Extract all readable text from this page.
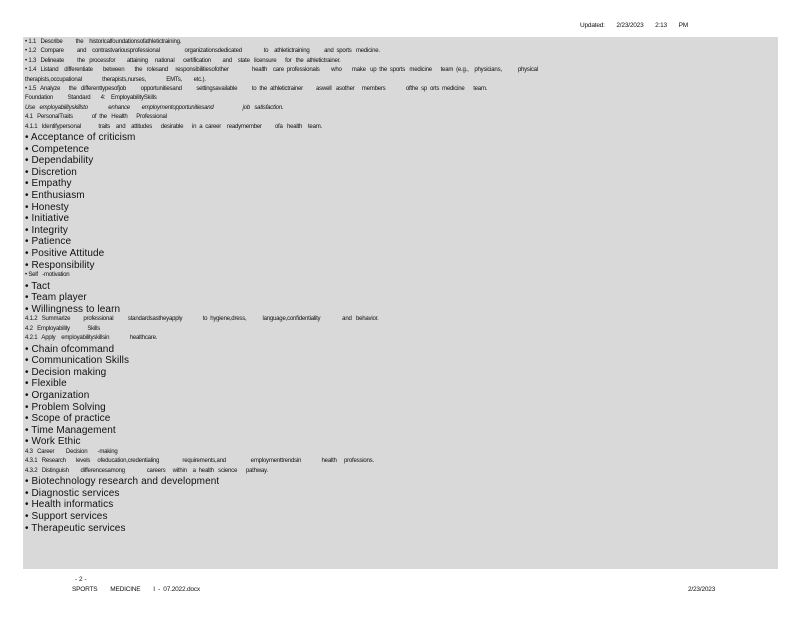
Updated: 2/23/2023 2:13 PM
• 1.1   Describe         the    historicalfoundationsofathletictraining.
• 1.2   Compare         and    contrastvariousprofessional                 organizationsdedicated               to    athletictraining          and  sports   medicine.
• 1.3   Delineate         the   processfor        attaining     national      certification        and    state   licensure      for   the  athletictrainer.
• 1.4   Listand    differentiate       between       the   rolesand     responsibilitiesofother                health    care  professionals        who       make   up  the  sports   medicine      team  (e.g.,    physicians,           physical
therapists,occupational              therapists,nurses,              EMTs,        etc.).
• 1.5   Analyze      the   differenttypesofjob          opportunitiesand          settingsavailable          to  the  athletictrainer         aswell   asother     members              ofthe  sp  orts  medicine      team.
Foundation          Standard       4:    EmployabilitySkills
Use   employabilityskillsto              enhance        employmentopportunitiesand                    job   satisfaction.
4.1   PersonalTraits             of  the   Health      Professional
4.1.1   Identifypersonal            traits    and    attitudes      desirable      in  a  career    readymember         ofa   health    team.
• Acceptance of criticism
• Competence
• Dependability
• Discretion
• Empathy
• Enthusiasm
• Honesty
• Initiative
• Integrity
• Patience
• Positive Attitude
• Responsibility
• Self   -motivation
• Tact
• Team player
• Willingness to learn
4.1.2   Summarize         professional          standardsastheyapply              to  hygiene,dress,           language,confidentiality               and   behavior.
4.2   Employability            Skills
4.2.1   Apply    employabilityskillsin              healthcare.
• Chain ofcommand
• Communication Skills
• Decision making
• Flexible
• Organization
• Problem Solving
• Scope of practice
• Time Management
• Work Ethic
4.3   Career        Decision       -making
4.3.1   Research       levels     ofeducation,credentialing                requirements,and                 employmenttrendsin              health     professions.
4.3.2   Distinguish        differencesamong               careers     within    a  health   science      pathway.
• Biotechnology research and development
• Diagnostic services
• Health informatics
• Support services
• Therapeutic services
- 2 -
SPORTS        MEDICINE        I  -  07.2022.docx	2/23/2023
